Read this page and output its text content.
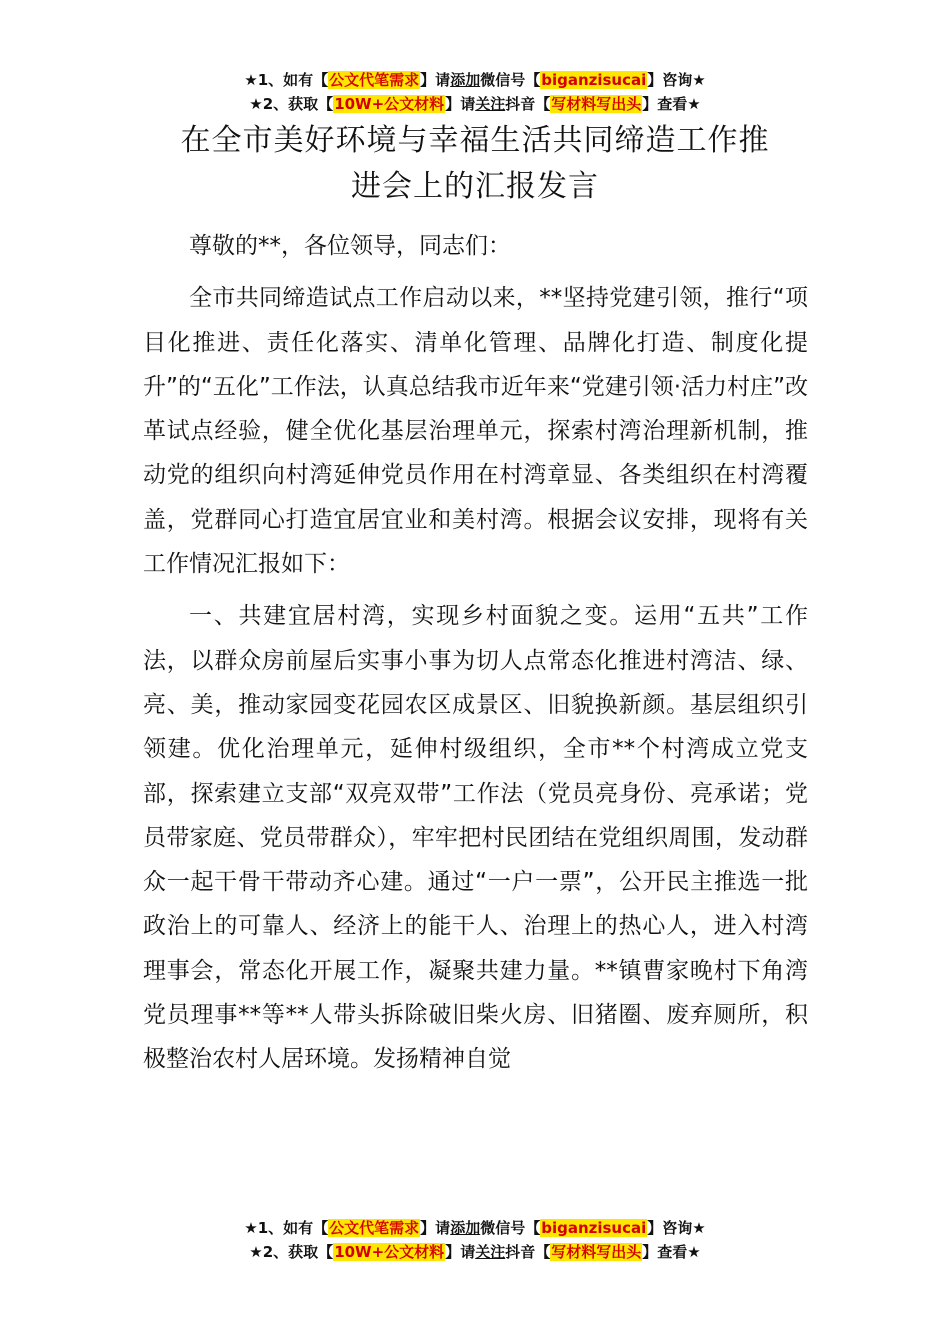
★1、如有【公文代笔需求】请添加微信号【biganzisucai】咨询★
★2、获取【10W+公文材料】请关注抖音【写材料写出头】查看★
在全市美好环境与幸福生活共同缔造工作推
进会上的汇报发言

尊敬的**，各位领导，同志们：

全市共同缔造试点工作启动以来，**坚持党建引领，推行“项目化推进、责任化落实、清单化管理、品牌化打造、制度化提升”的“五化”工作法，认真总结我市近年来“党建引领·活力村庄”改革试点经验，健全优化基层治理单元，探索村湾治理新机制，推动党的组织向村湾延伸党员作用在村湾章显、各类组织在村湾覆盖，党群同心打造宜居宜业和美村湾。根据会议安排，现将有关工作情况汇报如下：

一、共建宜居村湾，实现乡村面貌之变。运用“五共”工作法，以群众房前屋后实事小事为切人点常态化推进村湾洁、绿、亮、美，推动家园变花园农区成景区、旧貌换新颜。基层组织引领建。优化治理单元，延伸村级组织，全市**个村湾成立党支部，探索建立支部“双亮双带”工作法（党员亮身份、亮承诺；党员带家庭、党员带群众），牢牢把村民团结在党组织周围，发动群众一起干骨干带动齐心建。通过“一户一票”，公开民主推选一批政治上的可靠人、经济上的能干人、治理上的热心人，进入村湾理事会，常态化开展工作，凝聚共建力量。**镇曹家晚村下角湾党员理事**等**人带头拆除破旧柴火房、旧猪圈、废弃厕所，积极整治农村人居环境。发扬精神自觉

★1、如有【公文代笔需求】请添加微信号【biganzisucai】咨询★
★2、获取【10W+公文材料】请关注抖音【写材料写出头】查看★
